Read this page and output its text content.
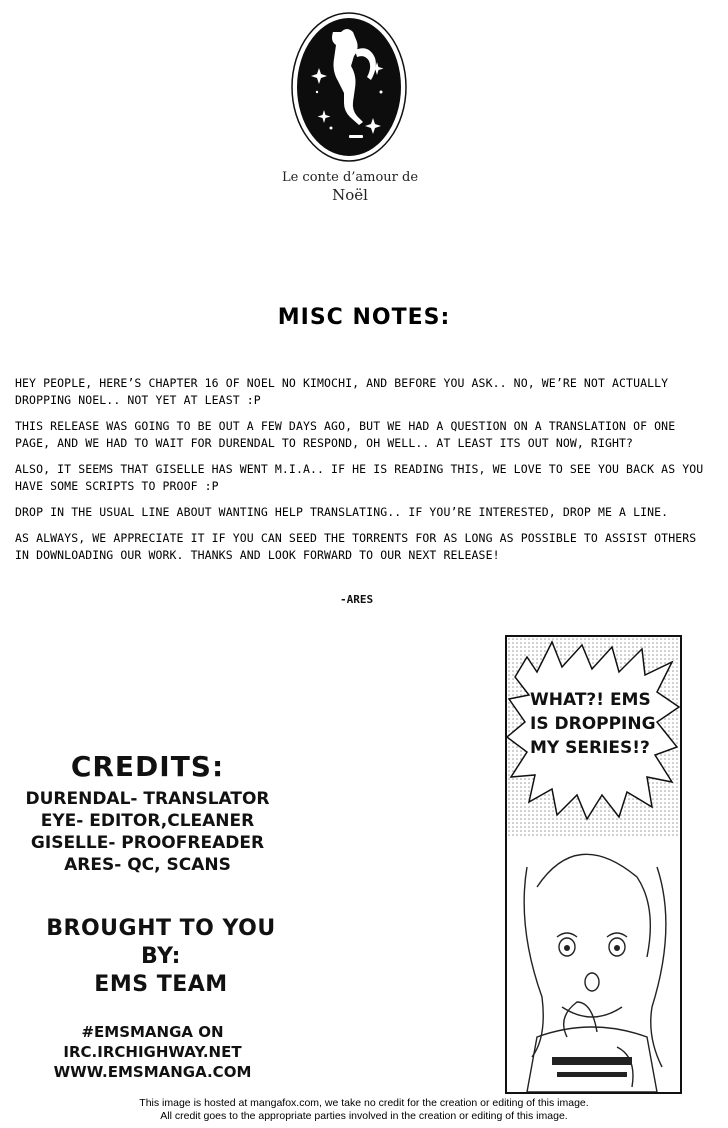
Le conte d’amour de
Noël
MISC NOTES:

HEY PEOPLE, HERE’S CHAPTER 16 OF NOEL NO KIMOCHI, AND BEFORE YOU ASK.. NO, WE’RE NOT ACTUALLY DROPPING NOEL.. NOT YET AT LEAST :P

THIS RELEASE WAS GOING TO BE OUT A FEW DAYS AGO, BUT WE HAD A QUESTION ON A TRANSLATION OF ONE PAGE, AND WE HAD TO WAIT FOR DURENDAL TO RESPOND, OH WELL.. AT LEAST ITS OUT NOW, RIGHT?

ALSO, IT SEEMS THAT GISELLE HAS WENT M.I.A.. IF HE IS READING THIS, WE LOVE TO SEE YOU BACK AS YOU HAVE SOME SCRIPTS TO PROOF :P

DROP IN THE USUAL LINE ABOUT WANTING HELP TRANSLATING.. IF YOU’RE INTERESTED, DROP ME A LINE.

AS ALWAYS, WE APPRECIATE IT IF YOU CAN SEED THE TORRENTS FOR AS LONG AS POSSIBLE TO ASSIST OTHERS IN DOWNLOADING OUR WORK. THANKS AND LOOK FORWARD TO OUR NEXT RELEASE!

-ARES
CREDITS:
DURENDAL- TRANSLATOR
EYE- EDITOR,CLEANER
GISELLE- PROOFREADER
ARES- QC, SCANS
BROUGHT TO YOU
BY:
EMS TEAM
#EMSMANGA ON
IRC.IRCHIGHWAY.NET
WWW.EMSMANGA.COM
WHAT?! EMS
IS DROPPING
MY SERIES!?
This image is hosted at mangafox.com, we take no credit for the creation or editing of this image.
All credit goes to the appropriate parties involved in the creation or editing of this image.
